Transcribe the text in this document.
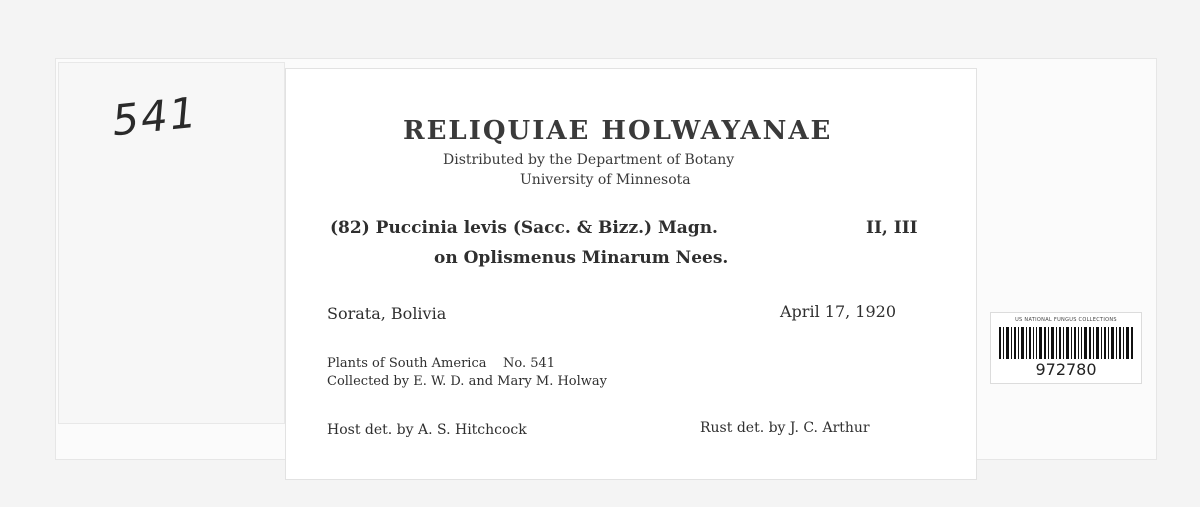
541	RELIQUIAE HOLWAYANAE
Distributed by the Department of Botany
University of Minnesota
(82) Puccinia levis (Sacc. & Bizz.) Magn.	II, III
on Oplismenus Minarum Nees.
Sorata, Bolivia	April 17, 1920
Plants of South America    No. 541
Collected by E. W. D. and Mary M. Holway
Host det. by A. S. Hitchcock	Rust det. by J. C. Arthur
US NATIONAL FUNGUS COLLECTIONS
972780
